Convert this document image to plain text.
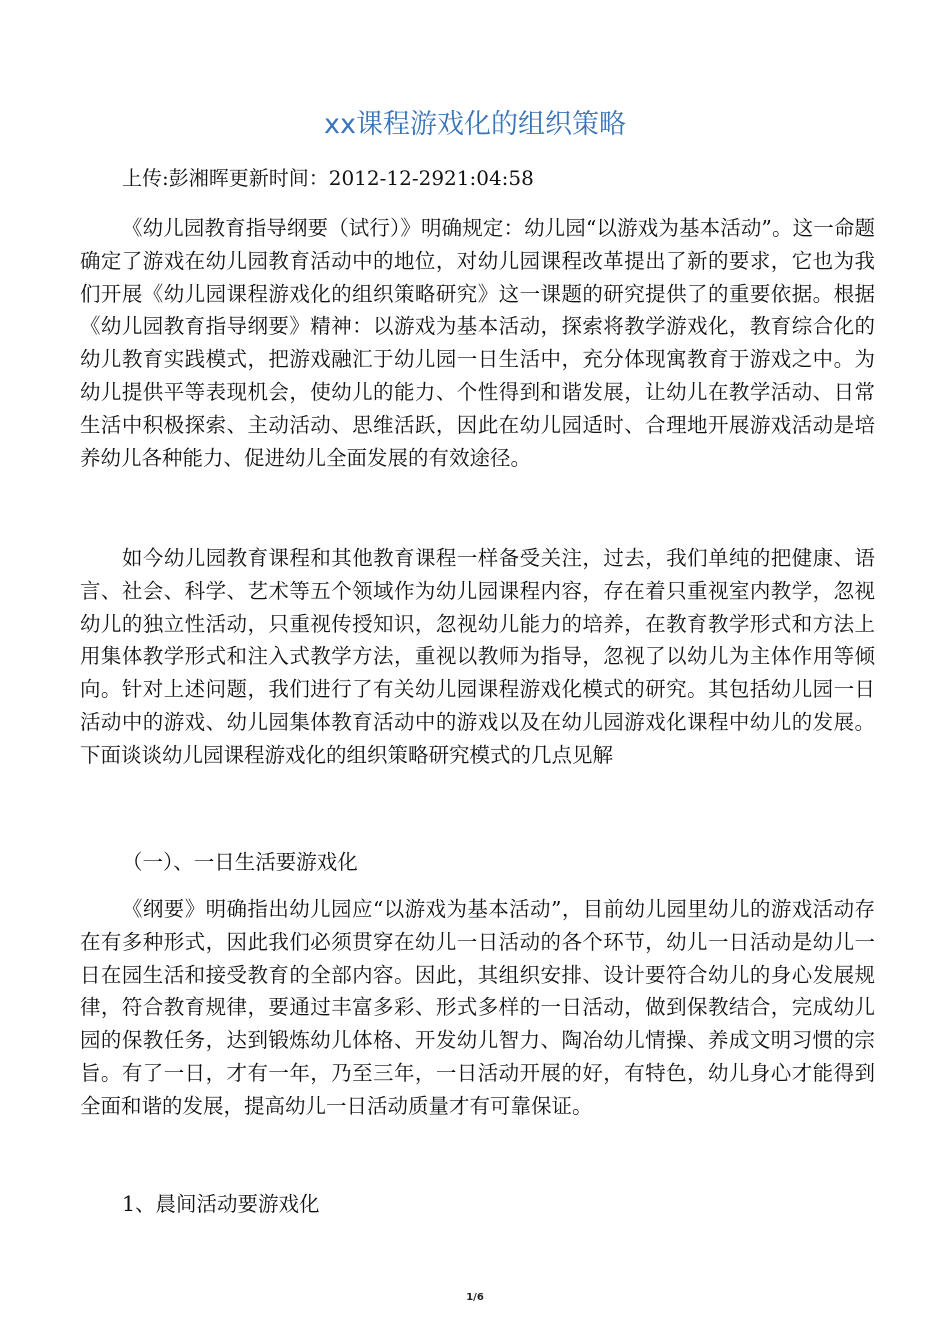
xx课程游戏化的组织策略

上传:彭湘晖更新时间：2012-12-2921:04:58

《幼儿园教育指导纲要（试行）》明确规定：幼儿园“以游戏为基本活动”。这一命题确定了游戏在幼儿园教育活动中的地位，对幼儿园课程改革提出了新的要求，它也为我们开展《幼儿园课程游戏化的组织策略研究》这一课题的研究提供了的重要依据。根据《幼儿园教育指导纲要》精神：以游戏为基本活动，探索将教学游戏化，教育综合化的幼儿教育实践模式，把游戏融汇于幼儿园一日生活中，充分体现寓教育于游戏之中。为幼儿提供平等表现机会，使幼儿的能力、个性得到和谐发展，让幼儿在教学活动、日常生活中积极探索、主动活动、思维活跃，因此在幼儿园适时、合理地开展游戏活动是培养幼儿各种能力、促进幼儿全面发展的有效途径。

如今幼儿园教育课程和其他教育课程一样备受关注，过去，我们单纯的把健康、语言、社会、科学、艺术等五个领域作为幼儿园课程内容，存在着只重视室内教学，忽视幼儿的独立性活动，只重视传授知识，忽视幼儿能力的培养，在教育教学形式和方法上用集体教学形式和注入式教学方法，重视以教师为指导，忽视了以幼儿为主体作用等倾向。针对上述问题，我们进行了有关幼儿园课程游戏化模式的研究。其包括幼儿园一日活动中的游戏、幼儿园集体教育活动中的游戏以及在幼儿园游戏化课程中幼儿的发展。下面谈谈幼儿园课程游戏化的组织策略研究模式的几点见解

（一）、一日生活要游戏化

《纲要》明确指出幼儿园应“以游戏为基本活动”，目前幼儿园里幼儿的游戏活动存在有多种形式，因此我们必须贯穿在幼儿一日活动的各个环节，幼儿一日活动是幼儿一日在园生活和接受教育的全部内容。因此，其组织安排、设计要符合幼儿的身心发展规律，符合教育规律，要通过丰富多彩、形式多样的一日活动，做到保教结合，完成幼儿园的保教任务，达到锻炼幼儿体格、开发幼儿智力、陶冶幼儿情操、养成文明习惯的宗旨。有了一日，才有一年，乃至三年，一日活动开展的好，有特色，幼儿身心才能得到全面和谐的发展，提高幼儿一日活动质量才有可靠保证。

1、晨间活动要游戏化

1/6
